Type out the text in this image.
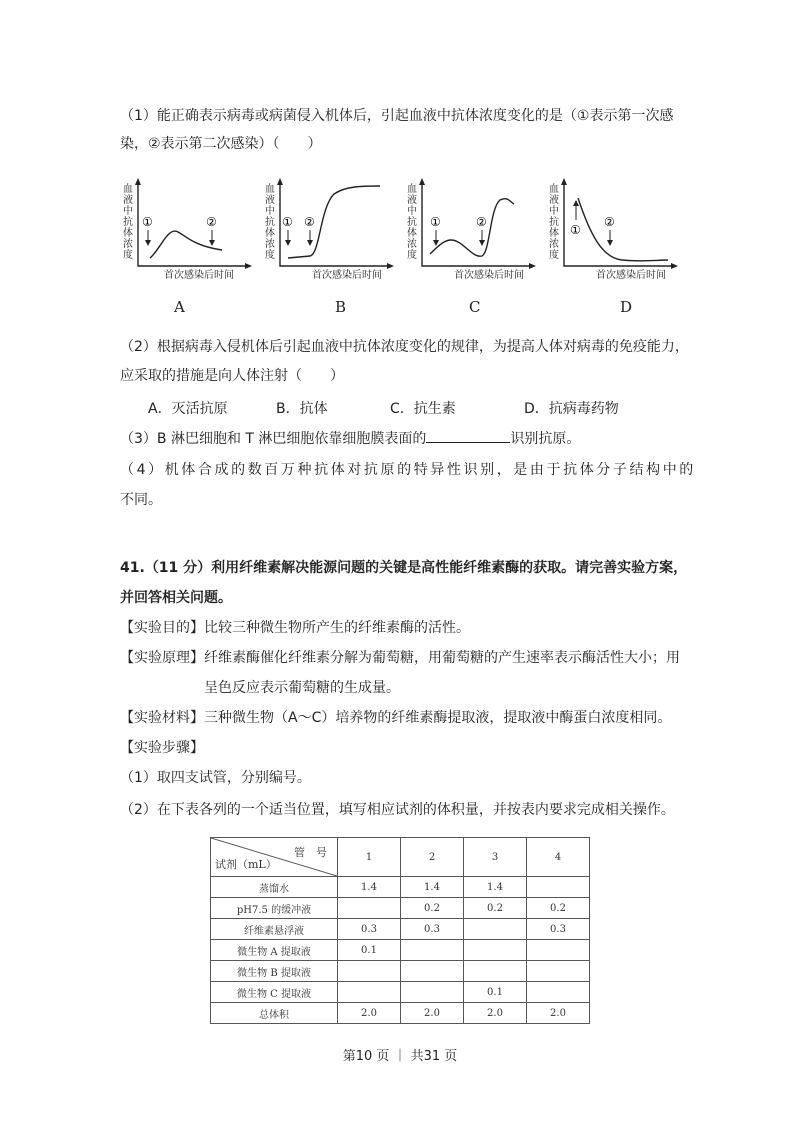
（1）能正确表示病毒或病菌侵入机体后，引起血液中抗体浓度变化的是（①表示第一次感
染，②表示第二次感染）（　　）
血液中抗体浓度
①	②
首次感染后时间
血液中抗体浓度
① ②
首次感染后时间
血液中抗体浓度
①	②
首次感染后时间
血液中抗体浓度
①
②
首次感染后时间
A	B	C	D
（2）根据病毒入侵机体后引起血液中抗体浓度变化的规律，为提高人体对病毒的免疫能力，
应采取的措施是向人体注射（　　）
A．灭活抗原	B．抗体	C．抗生素	D．抗病毒药物
（3）B 淋巴细胞和 T 淋巴细胞依靠细胞膜表面的	识别抗原。
（4）机体合成的数百万种抗体对抗原的特异性识别，是由于抗体分子结构中的
不同。
41.（11 分）利用纤维素解决能源问题的关键是高性能纤维素酶的获取。请完善实验方案，
并回答相关问题。
【实验目的】比较三种微生物所产生的纤维素酶的活性。
【实验原理】纤维素酶催化纤维素分解为葡萄糖，用葡萄糖的产生速率表示酶活性大小；用
呈色反应表示葡萄糖的生成量。
【实验材料】三种微生物（A～C）培养物的纤维素酶提取液，提取液中酶蛋白浓度相同。
【实验步骤】
（1）取四支试管，分别编号。
（2）在下表各列的一个适当位置，填写相应试剂的体积量，并按表内要求完成相关操作。
管　号
试剂（mL）	1	2	3	4
蒸馏水	1.4	1.4	1.4	
pH7.5 的缓冲液		0.2	0.2	0.2
纤维素悬浮液	0.3	0.3		0.3
微生物 A 提取液	0.1			
微生物 B 提取液				
微生物 C 提取液			0.1	
总体积	2.0	2.0	2.0	2.0
第10 页 ｜ 共31 页
